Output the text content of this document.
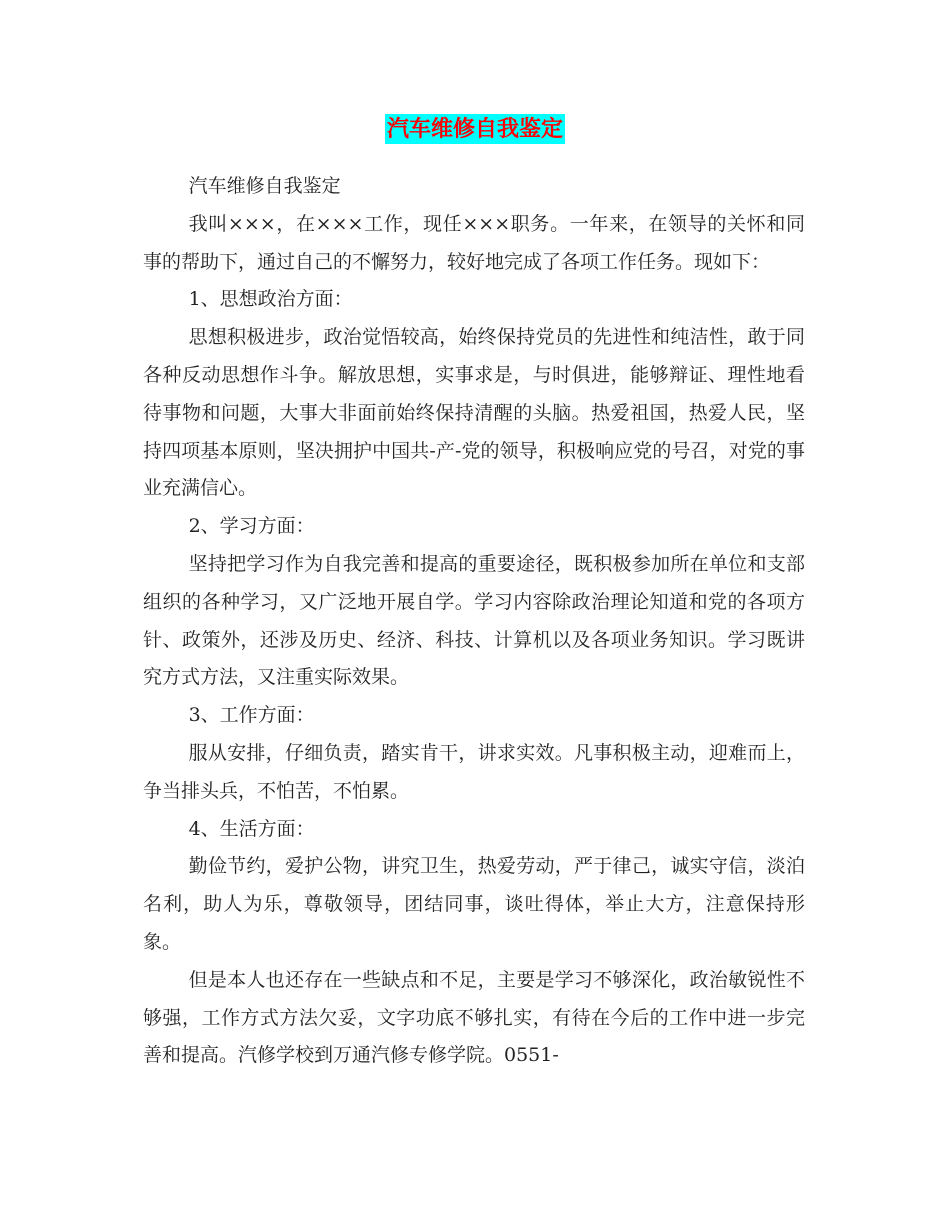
汽车维修自我鉴定

汽车维修自我鉴定

我叫×××，在×××工作，现任×××职务。一年来，在领导的关怀和同事的帮助下，通过自己的不懈努力，较好地完成了各项工作任务。现如下：

1、思想政治方面：

思想积极进步，政治觉悟较高，始终保持党员的先进性和纯洁性，敢于同各种反动思想作斗争。解放思想，实事求是，与时俱进，能够辩证、理性地看待事物和问题，大事大非面前始终保持清醒的头脑。热爱祖国，热爱人民，坚持四项基本原则，坚决拥护中国共-产-党的领导，积极响应党的号召，对党的事业充满信心。

2、学习方面：

坚持把学习作为自我完善和提高的重要途径，既积极参加所在单位和支部组织的各种学习，又广泛地开展自学。学习内容除政治理论知道和党的各项方针、政策外，还涉及历史、经济、科技、计算机以及各项业务知识。学习既讲究方式方法，又注重实际效果。

3、工作方面：

服从安排，仔细负责，踏实肯干，讲求实效。凡事积极主动，迎难而上，争当排头兵，不怕苦，不怕累。

4、生活方面：

勤俭节约，爱护公物，讲究卫生，热爱劳动，严于律己，诚实守信，淡泊名利，助人为乐，尊敬领导，团结同事，谈吐得体，举止大方，注意保持形象。

但是本人也还存在一些缺点和不足，主要是学习不够深化，政治敏锐性不够强，工作方式方法欠妥，文字功底不够扎实，有待在今后的工作中进一步完善和提高。汽修学校到万通汽修专修学院。0551-
